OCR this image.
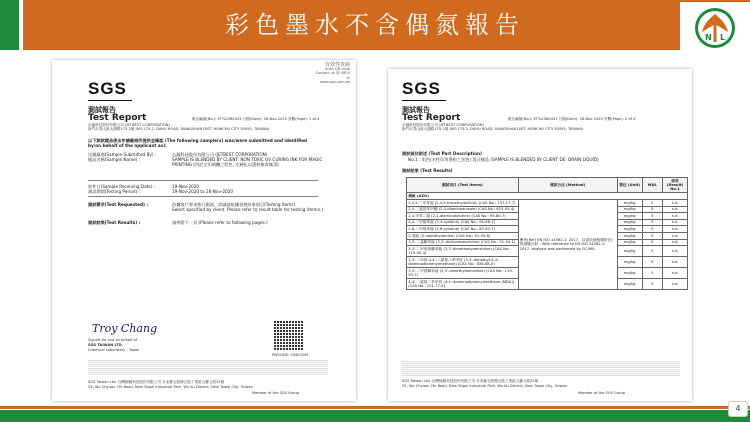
彩色墨水不含偶氮報告	N L
有效性查詢
Scan QR code
Contact us @ 0800
or
www.sgs.com.tw
SGS
測試報告
Test Report	報告編號(No.): ET%23B0431 日期(Date): 26-Nov-2020 頁數(Page): 1 of 4
弘瀚科技股份有限公司 (JETBEST CORPORATION)
新竹市香山區大湖路175-2號 (NO.175-2, DAHU ROAD, XIANGSHAN DIST. HSINCHU CITY 30093, TAIWAN)
以下測試樣品係由申請廠商所提供並確認 (The following sample(s) was/were submitted and identified by/on behalf of the applicant as):
送樣廠商(Sample Submitted By) :	弘瀚科技股份有限公司 (JETBEST CORPORATION)
樣品名稱(Sample Name) :	SAMPLE IS BLENDED BY CLIENT: NON TOXIC UV CURING INK FOR MAGIC
PRINTING (用於全印刷機之彩色, 光硬化以墨粉無毒無毒)
收件日(Sample Receiving Date) :	19-Nov-2020
測試期間(Testing Period) :	19-Nov-2020 to 26-Nov-2020
測試需求(Test Requested) :	依據客戶要求執行測試，詳細請依據表格結果項目(Testing items)
Select specified by client. Please refer to result table for testing item(s.)
測試結果(Test Results) :	請參閱下一頁 (Please refer to following pages.)
Troy Chang
Signed for and on behalf of
SGS TAIWAN LTD.
Chemical Laboratory - Taipei
PWCODE: 034EC061
SGS Taiwan Ltd. 台灣檢驗科技股份有限公司 台北縣五股鄉五股工業區五權七路25號
25, Wu Chyuan 7th Road, New Taipei Industrial Park, Wu Ku District, New Taipei City, Taiwan
Member of the SGS Group
SGS
測試報告
Test Report	報告編號(No.): ET%23B0431 日期(Date): 26-Nov-2020 頁數(Page): 2 of 4
弘瀚科技股份有限公司 (JETBEST CORPORATION)
新竹市香山區大湖路175-2號 (NO.175-2, DAHU ROAD, XIANGSHAN DIST. HSINCHU CITY 30093, TAIWAN)
測試部位敘述 (Test Part Description)
No.1 : 彩色(水性印用墨粉之黑色) 混合樣品 (SAMPLE IS BLENDED BY CLIENT DE: DRAIN LIQUID)
測試結果 (Test Results)
測試項目 (Test Items)	測試方法 (Method)	單位 (Unit)	MDL	結果 (Result) No.1
偶氮 (AZO)				
2,4,5-三甲苯胺 (2,4,5-trimethylaniline) (CAS No.: 137-17-7)	參考(Ref) EN ISO 14362-1: 2017，以高效液相層析法/質譜儀分析 - With reference to EN ISO 14362-1: 2017, analysis was performed by GC/MS.	mg/kg	5	n.d.
2,4-二氨基苯甲醚 (2,4-diaminoanisole) (CAS No.: 615-05-4)		mg/kg	5	n.d.
2,4-甲苯二胺 (2,4-diaminotoluene) (CAS No.: 95-80-7)		mg/kg	5	n.d.
2,4-二甲基苯胺 (2,4-xylidine) (CAS No.: 95-68-1)		mg/kg	5	n.d.
2,6-二甲基苯胺 (2,6-xylidine) (CAS No.: 87-62-7)		mg/kg	5	n.d.
2-萘胺 (2-naphthylamine) (CAS No.: 91-59-8)		mg/kg	5	n.d.
3,3'-二氯聯苯胺 (3,3'-dichlorobenzidine) (CAS No.: 91-94-1)		mg/kg	5	n.d.
3,3'-二甲氧基聯苯胺 (3,3'-dimethoxybenzidine) (CAS No.: 119-90-4)		mg/kg	5	n.d.
3,3'-二甲基-4,4'-二氨基二苯甲烷 (3,3'-dimethyl-4,4'-diaminodiphenylmethane) (CAS No.: 838-88-0)		mg/kg	5	n.d.
3,3'-二甲基聯苯胺 (3,3'-dimethylbenzidine) (CAS No.: 119-93-7)		mg/kg	5	n.d.
4,4'-二氨基二苯甲烷 (4,4'-diaminodiphenylmethane (MDA)) (CAS No.: 101-77-9)		mg/kg	5	n.d.
SGS Taiwan Ltd. 台灣檢驗科技股份有限公司 台北縣五股鄉五股工業區五權七路25號
25, Wu Chyuan 7th Road, New Taipei Industrial Park, Wu Ku District, New Taipei City, Taiwan
Member of the SGS Group
4
